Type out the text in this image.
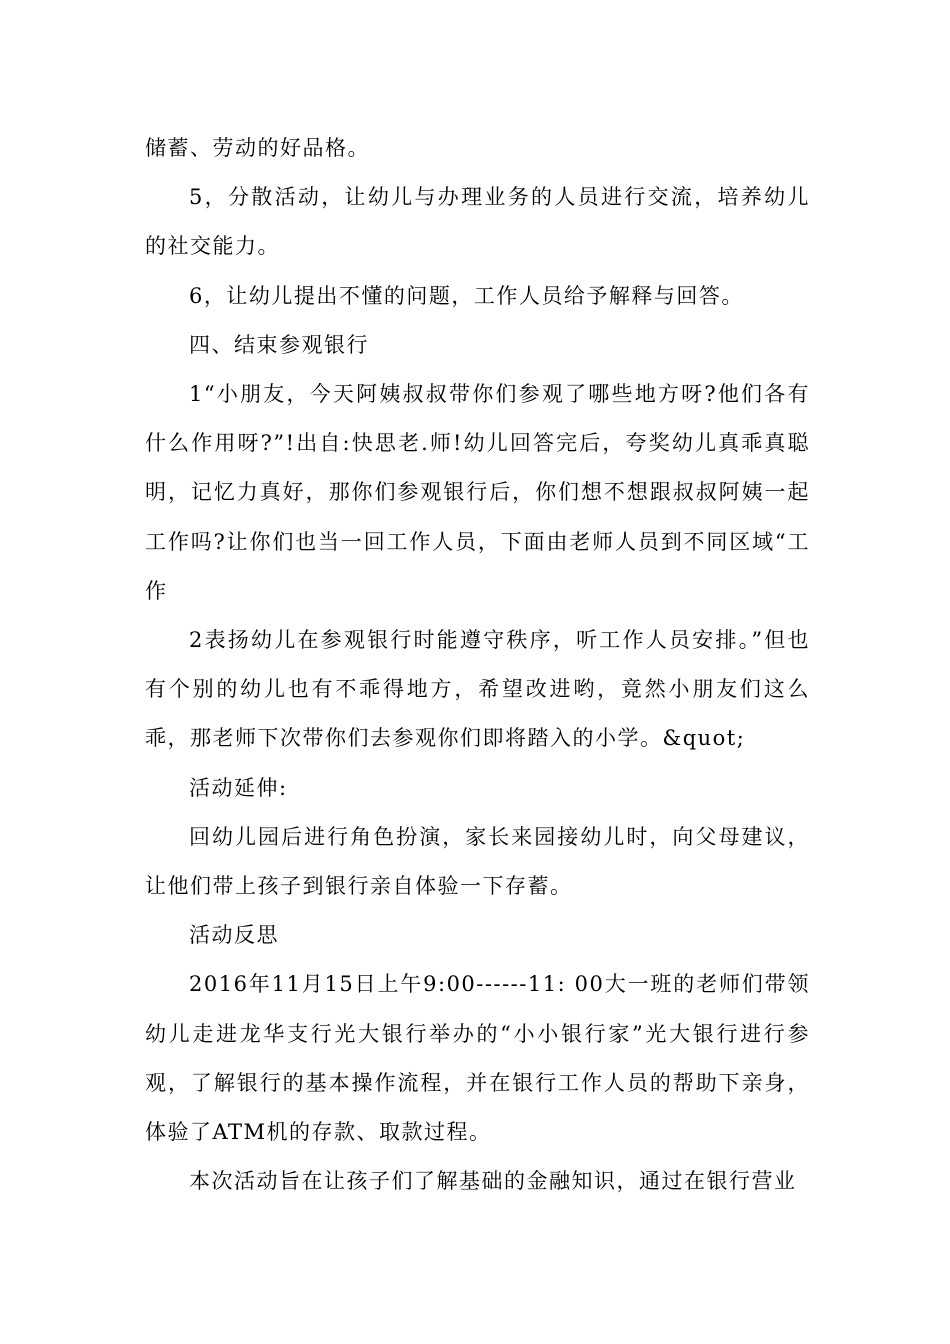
储蓄、劳动的好品格。

5，分散活动，让幼儿与办理业务的人员进行交流，培养幼儿的社交能力。

6，让幼儿提出不懂的问题，工作人员给予解释与回答。

四、结束参观银行

1“小朋友，今天阿姨叔叔带你们参观了哪些地方呀?他们各有什么作用呀?”!出自:快思老.师!幼儿回答完后，夸奖幼儿真乖真聪明，记忆力真好，那你们参观银行后，你们想不想跟叔叔阿姨一起工作吗?让你们也当一回工作人员，下面由老师人员到不同区域“工作

2表扬幼儿在参观银行时能遵守秩序，听工作人员安排。”但也有个别的幼儿也有不乖得地方，希望改进哟，竟然小朋友们这么乖，那老师下次带你们去参观你们即将踏入的小学。&quot;

活动延伸:

回幼儿园后进行角色扮演，家长来园接幼儿时，向父母建议，让他们带上孩子到银行亲自体验一下存蓄。

活动反思

2016年11月15日上午9:00------11: 00大一班的老师们带领幼儿走进龙华支行光大银行举办的“小小银行家”光大银行进行参观，了解银行的基本操作流程，并在银行工作人员的帮助下亲身，体验了ATM机的存款、取款过程。

本次活动旨在让孩子们了解基础的金融知识，通过在银行营业
